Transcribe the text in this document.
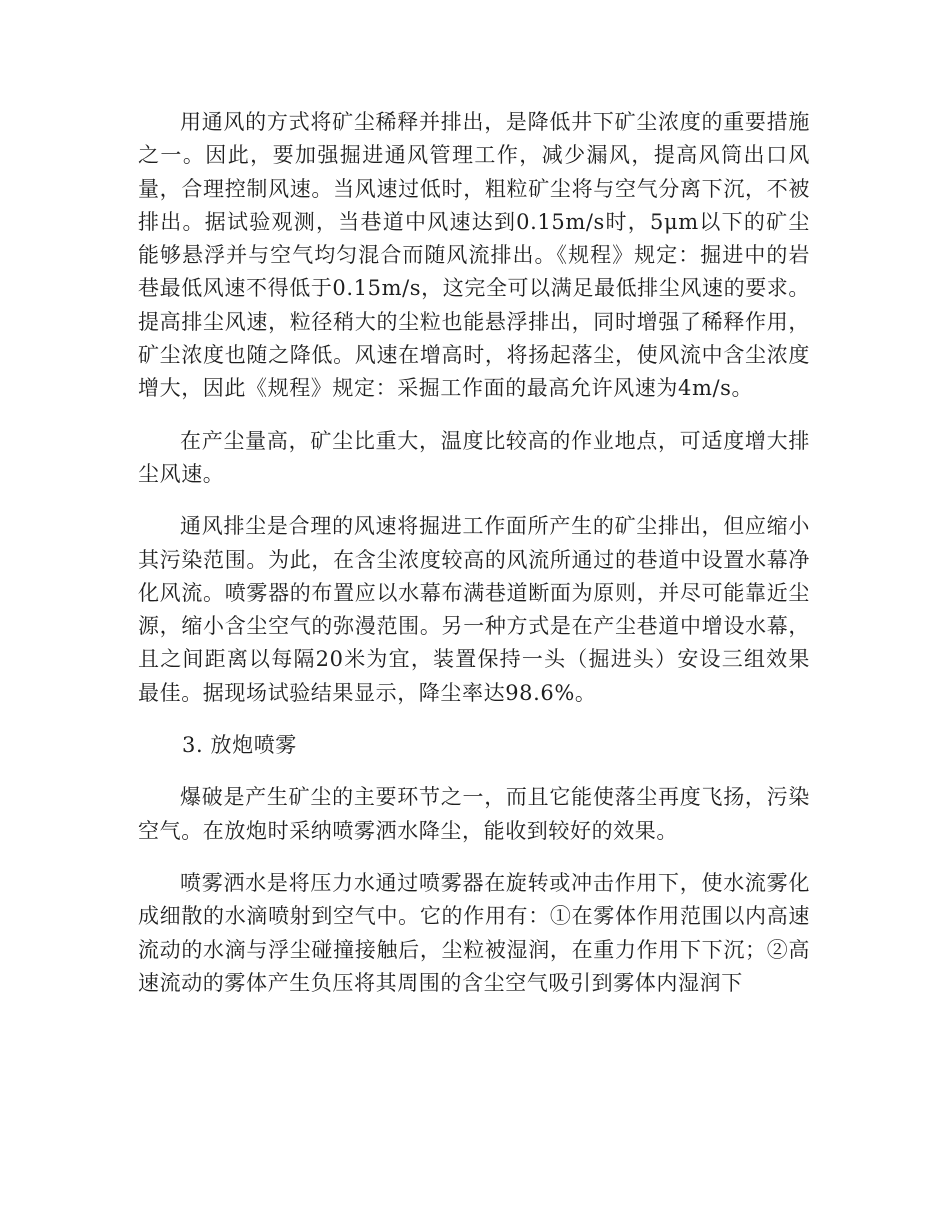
用通风的方式将矿尘稀释并排出，是降低井下矿尘浓度的重要措施之一。因此，要加强掘进通风管理工作，减少漏风，提高风筒出口风量，合理控制风速。当风速过低时，粗粒矿尘将与空气分离下沉，不被排出。据试验观测，当巷道中风速达到0.15m/s时，5μm以下的矿尘能够悬浮并与空气均匀混合而随风流排出。《规程》规定：掘进中的岩巷最低风速不得低于0.15m/s，这完全可以满足最低排尘风速的要求。提高排尘风速，粒径稍大的尘粒也能悬浮排出，同时增强了稀释作用，矿尘浓度也随之降低。风速在增高时，将扬起落尘，使风流中含尘浓度增大，因此《规程》规定：采掘工作面的最高允许风速为4m/s。

在产尘量高，矿尘比重大，温度比较高的作业地点，可适度增大排尘风速。

通风排尘是合理的风速将掘进工作面所产生的矿尘排出，但应缩小其污染范围。为此，在含尘浓度较高的风流所通过的巷道中设置水幕净化风流。喷雾器的布置应以水幕布满巷道断面为原则，并尽可能靠近尘源，缩小含尘空气的弥漫范围。另一种方式是在产尘巷道中增设水幕，且之间距离以每隔20米为宜，装置保持一头（掘进头）安设三组效果最佳。据现场试验结果显示，降尘率达98.6%。

3. 放炮喷雾

爆破是产生矿尘的主要环节之一，而且它能使落尘再度飞扬，污染空气。在放炮时采纳喷雾洒水降尘，能收到较好的效果。

喷雾洒水是将压力水通过喷雾器在旋转或冲击作用下，使水流雾化成细散的水滴喷射到空气中。它的作用有：①在雾体作用范围以内高速流动的水滴与浮尘碰撞接触后，尘粒被湿润，在重力作用下下沉；②高速流动的雾体产生负压将其周围的含尘空气吸引到雾体内湿润下
